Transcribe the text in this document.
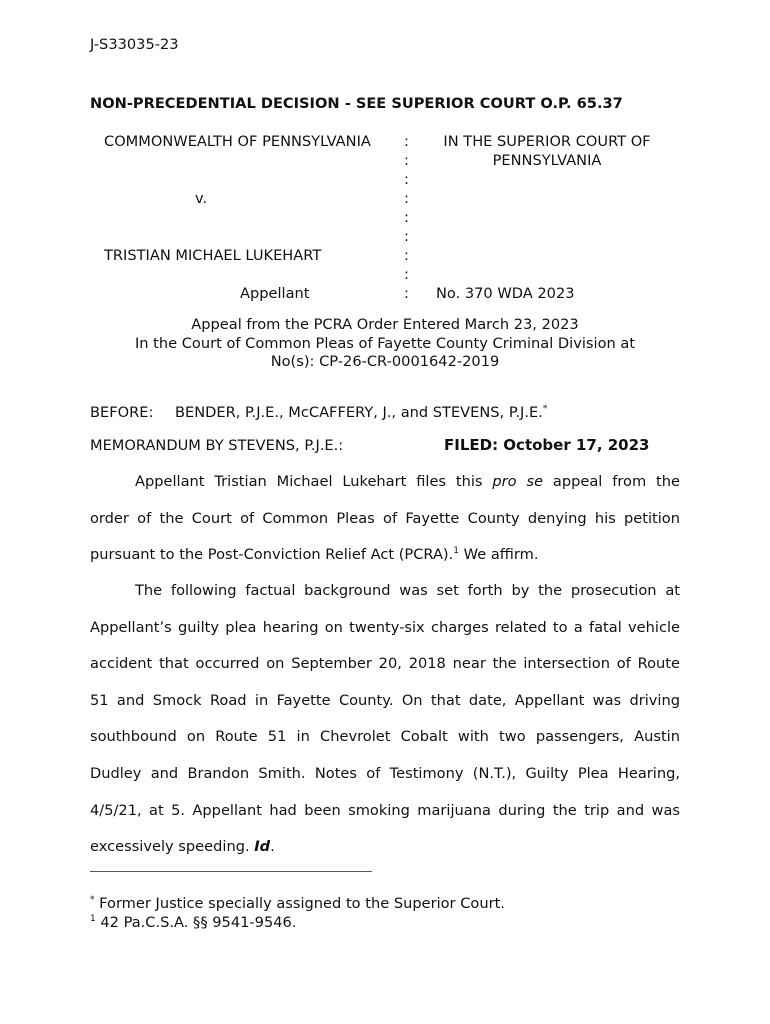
J-S33035-23
NON-PRECEDENTIAL DECISION - SEE SUPERIOR COURT O.P. 65.37
COMMONWEALTH OF PENNSYLVANIA
v.
TRISTIAN MICHAEL LUKEHART
Appellant
:
:
:
:
:
:
:
:
:
IN THE SUPERIOR COURT OF
PENNSYLVANIA
No. 370 WDA 2023
Appeal from the PCRA Order Entered March 23, 2023
In the Court of Common Pleas of Fayette County Criminal Division at
No(s): CP-26-CR-0001642-2019
BEFORE: BENDER, P.J.E., McCAFFERY, J., and STEVENS, P.J.E.*
MEMORANDUM BY STEVENS, P.J.E.:	FILED: October 17, 2023
Appellant Tristian Michael Lukehart files this pro se appeal from the
order of the Court of Common Pleas of Fayette County denying his petition
pursuant to the Post-Conviction Relief Act (PCRA).$^1$ We affirm.
The following factual background was set forth by the prosecution at
Appellant’s guilty plea hearing on twenty-six charges related to a fatal vehicle
accident that occurred on September 20, 2018 near the intersection of Route
51 and Smock Road in Fayette County. On that date, Appellant was driving
southbound on Route 51 in Chevrolet Cobalt with two passengers, Austin
Dudley and Brandon Smith. Notes of Testimony (N.T.), Guilty Plea Hearing,
4/5/21, at 5. Appellant had been smoking marijuana during the trip and was
excessively speeding. Id.
* Former Justice specially assigned to the Superior Court.
$^1$ 42 Pa.C.S.A. §§ 9541-9546.
